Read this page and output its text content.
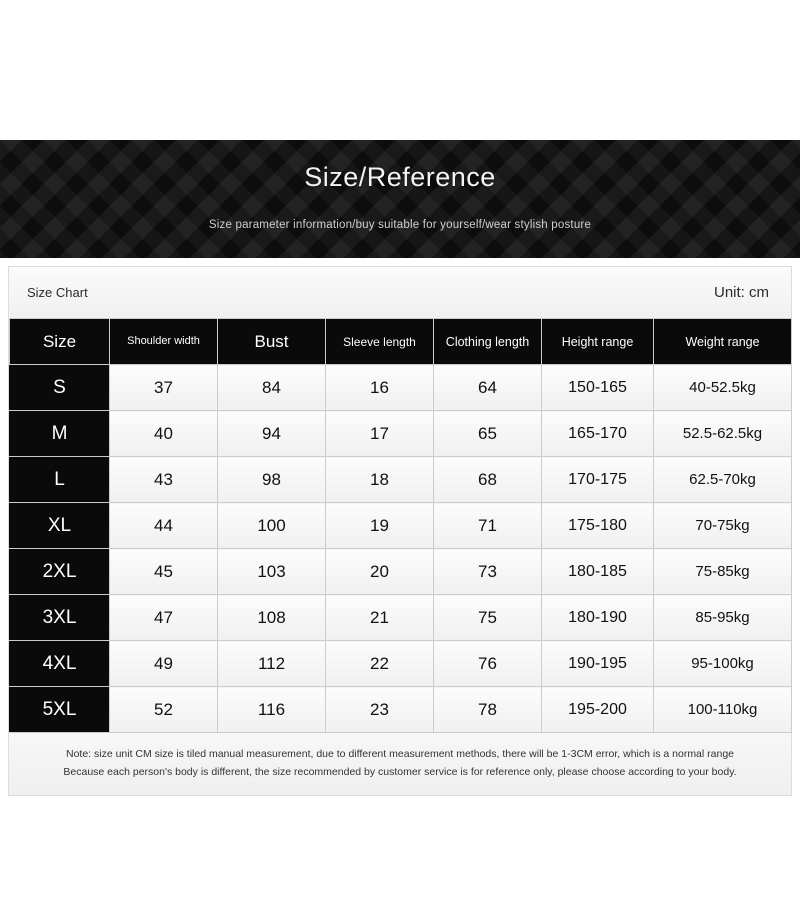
Size/Reference
Size parameter information/buy suitable for yourself/wear stylish posture
Size Chart	Unit: cm
Size	Shoulder width	Bust	Sleeve length	Clothing length	Height range	Weight range
S	37	84	16	64	150-165	40-52.5kg
M	40	94	17	65	165-170	52.5-62.5kg
L	43	98	18	68	170-175	62.5-70kg
XL	44	100	19	71	175-180	70-75kg
2XL	45	103	20	73	180-185	75-85kg
3XL	47	108	21	75	180-190	85-95kg
4XL	49	112	22	76	190-195	95-100kg
5XL	52	116	23	78	195-200	100-110kg
Note: size unit CM size is tiled manual measurement, due to different measurement methods, there will be 1-3CM error, which is a normal range
Because each person's body is different, the size recommended by customer service is for reference only, please choose according to your body.
